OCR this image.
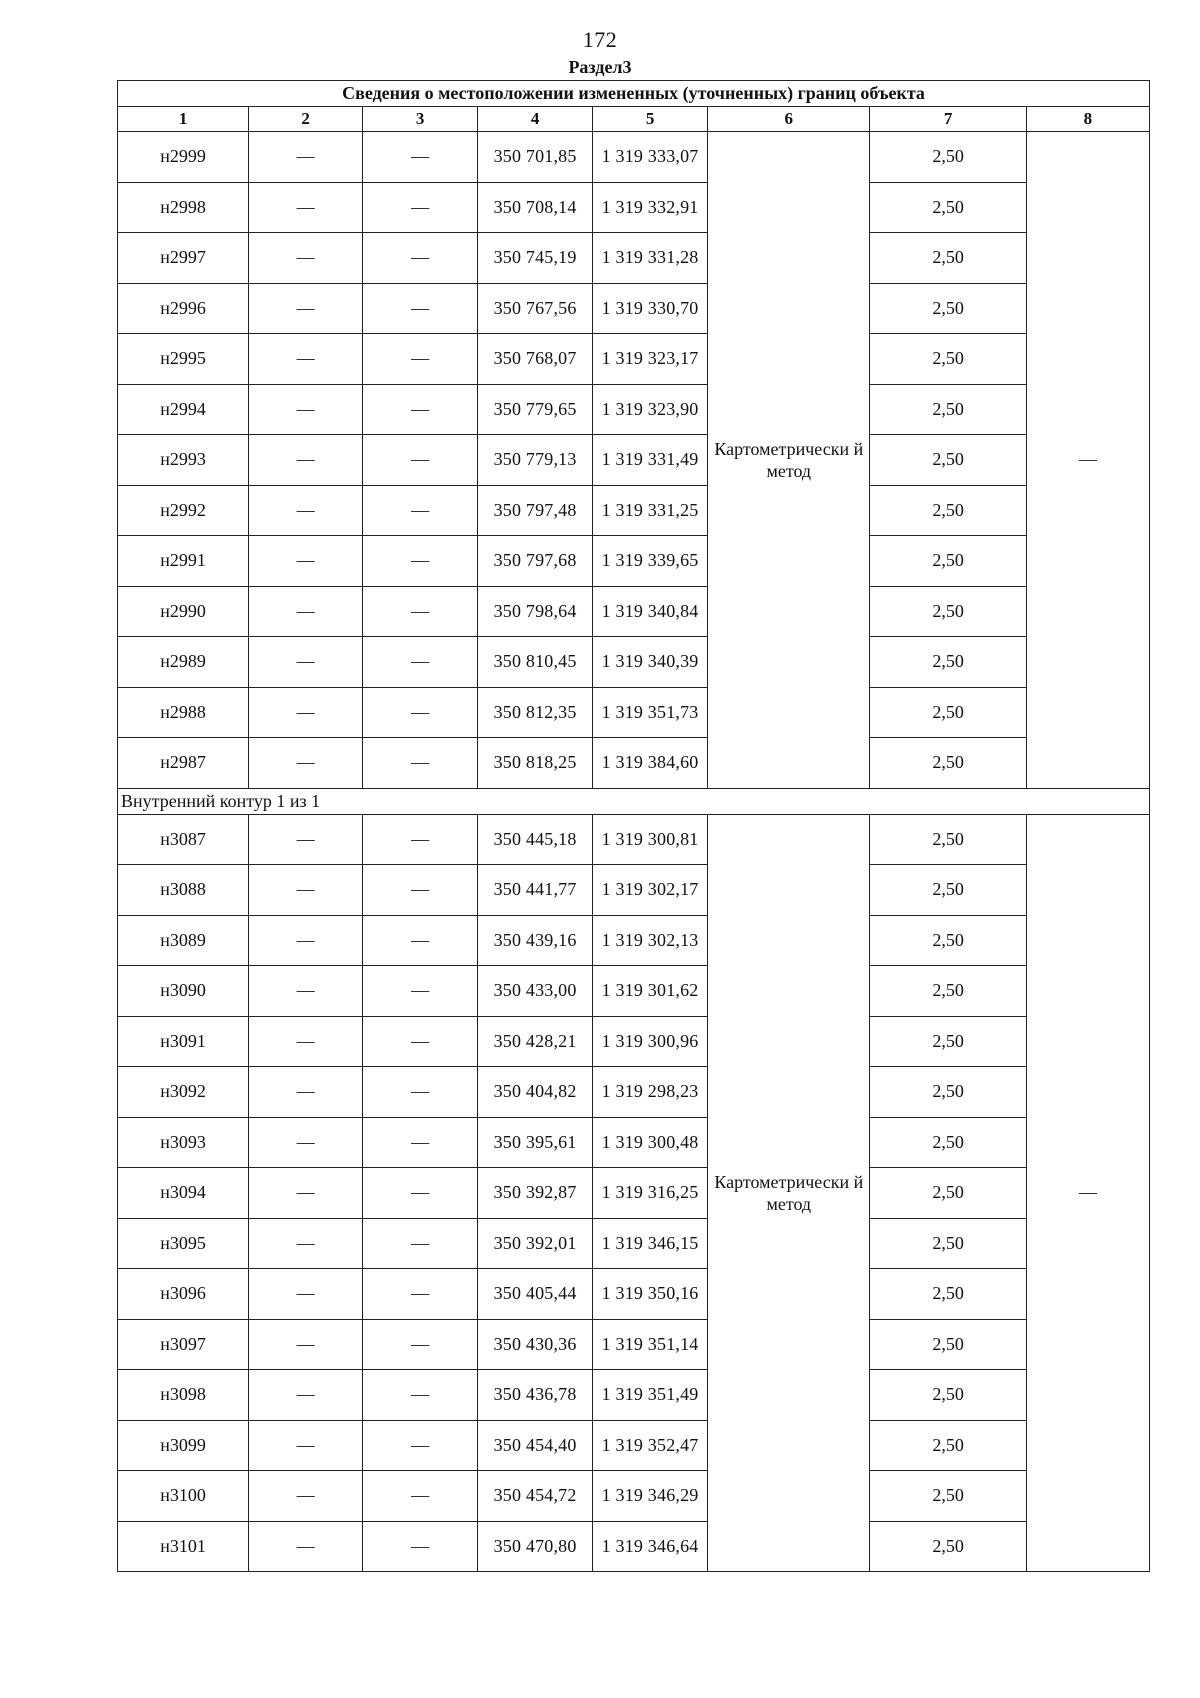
172
Раздел3
Сведения о местоположении измененных (уточненных) границ объекта							
1	2	3	4	5	6	7	8
н2999	—	—	350 701,85	1 319 333,07	Картометрически й метод	2,50	—
н2998	—	—	350 708,14	1 319 332,91		2,50	
н2997	—	—	350 745,19	1 319 331,28		2,50	
н2996	—	—	350 767,56	1 319 330,70		2,50	
н2995	—	—	350 768,07	1 319 323,17		2,50	
н2994	—	—	350 779,65	1 319 323,90		2,50	
н2993	—	—	350 779,13	1 319 331,49		2,50	
н2992	—	—	350 797,48	1 319 331,25		2,50	
н2991	—	—	350 797,68	1 319 339,65		2,50	
н2990	—	—	350 798,64	1 319 340,84		2,50	
н2989	—	—	350 810,45	1 319 340,39		2,50	
н2988	—	—	350 812,35	1 319 351,73		2,50	
н2987	—	—	350 818,25	1 319 384,60		2,50	
Внутренний контур 1 из 1							
н3087	—	—	350 445,18	1 319 300,81	Картометрически й метод	2,50	—
н3088	—	—	350 441,77	1 319 302,17		2,50	
н3089	—	—	350 439,16	1 319 302,13		2,50	
н3090	—	—	350 433,00	1 319 301,62		2,50	
н3091	—	—	350 428,21	1 319 300,96		2,50	
н3092	—	—	350 404,82	1 319 298,23		2,50	
н3093	—	—	350 395,61	1 319 300,48		2,50	
н3094	—	—	350 392,87	1 319 316,25		2,50	
н3095	—	—	350 392,01	1 319 346,15		2,50	
н3096	—	—	350 405,44	1 319 350,16		2,50	
н3097	—	—	350 430,36	1 319 351,14		2,50	
н3098	—	—	350 436,78	1 319 351,49		2,50	
н3099	—	—	350 454,40	1 319 352,47		2,50	
н3100	—	—	350 454,72	1 319 346,29		2,50	
н3101	—	—	350 470,80	1 319 346,64		2,50	
